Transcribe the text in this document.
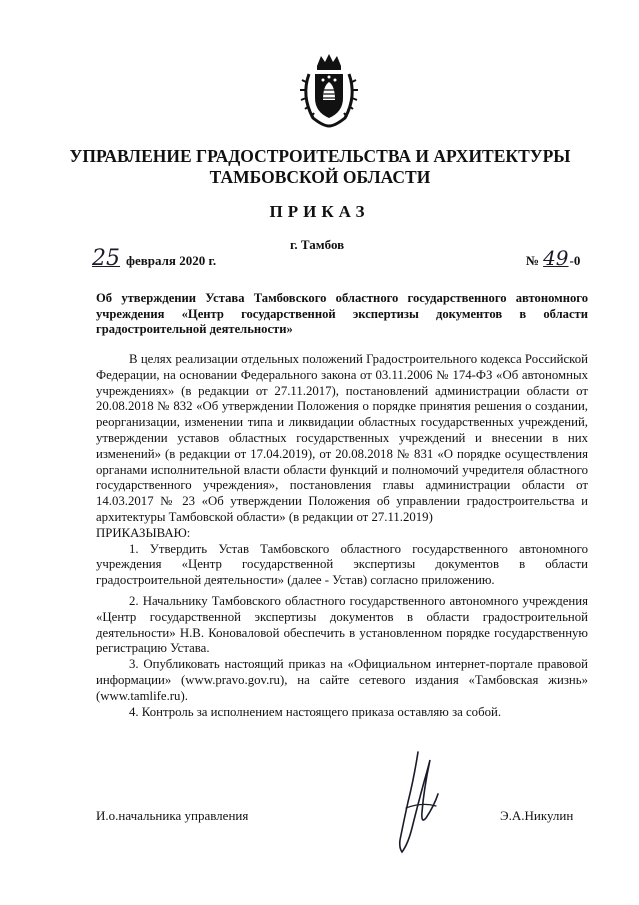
УПРАВЛЕНИЕ ГРАДОСТРОИТЕЛЬСТВА И АРХИТЕКТУРЫ
ТАМБОВСКОЙ ОБЛАСТИ
ПРИКАЗ
г. Тамбов
25 февраля 2020 г.	№ 49 -0
Об утверждении Устава Тамбовского областного государственного автономного учреждения «Центр государственной экспертизы документов в области градостроительной деятельности»

В целях реализации отдельных положений Градостроительного кодекса Российской Федерации, на основании Федерального закона от 03.11.2006 № 174-ФЗ «Об автономных учреждениях» (в редакции от 27.11.2017), постановлений администрации области от 20.08.2018 № 832 «Об утверждении Положения о порядке принятия решения о создании, реорганизации, изменении типа и ликвидации областных государственных учреждений, утверждении уставов областных государственных учреждений и внесении в них изменений» (в редакции от 17.04.2019), от 20.08.2018 № 831 «О порядке осуществления органами исполнительной власти области функций и полномочий учредителя областного государственного учреждения», постановления главы администрации области от 14.03.2017 № 23 «Об утверждении Положения об управлении градостроительства и архитектуры Тамбовской области» (в редакции от 27.11.2019)

ПРИКАЗЫВАЮ:

1. Утвердить Устав Тамбовского областного государственного автономного учреждения «Центр государственной экспертизы документов в области градостроительной деятельности» (далее - Устав) согласно приложению.

2. Начальнику Тамбовского областного государственного автономного учреждения «Центр государственной экспертизы документов в области градостроительной деятельности» Н.В. Коноваловой обеспечить в установленном порядке государственную регистрацию Устава.

3. Опубликовать настоящий приказ на «Официальном интернет-портале правовой информации» (www.pravo.gov.ru), на сайте сетевого издания «Тамбовская жизнь» (www.tamlife.ru).

4. Контроль за исполнением настоящего приказа оставляю за собой.

И.о.начальника управления	Э.А.Никулин
